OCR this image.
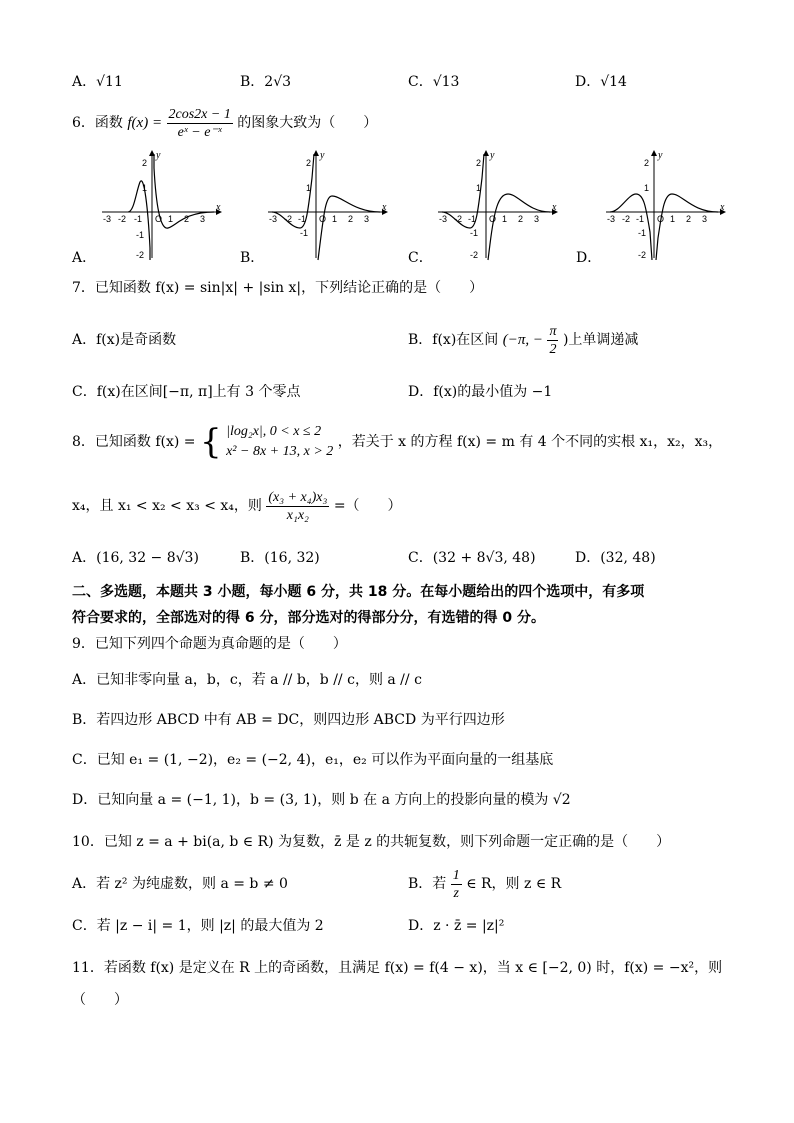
A．√11	B．2√3	C．√13	D．√14
6．函数 $f(x) = \frac{2\cos 2x - 1}{\text{eˣ − e⁻ˣ}}$ 的图象大致为（　　）
y
x
2
1
-1
-2
-3 -2 -1 O 1 2 3
A．
y
x
2
1
-1
-3 -2 -1 O 1 2 3
B．
y
x
2
1
-1
-2
-3 -2 -1 O 1 2 3
C．
y
x
2
1
-1
-2
-3 -2 -1 O 1 2 3
D．
7．已知函数 f(x) = sin|x| + |sin x|，下列结论正确的是（　　）
A．f(x)是奇函数	B．f(x)在区间 (−π, − $\frac{\pi}{2}$ )上单调递减
C．f(x)在区间[−π, π]上有 3 个零点	D．f(x)的最小值为 −1
8．已知函数 f(x) = { |log₂x|, 0 < x ≤ 2
x² − 8x + 13, x > 2
，若关于 x 的方程 f(x) = m 有 4 个不同的实根 x₁，x₂，x₃，
x₄，且 x₁ < x₂ < x₃ < x₄，则 $\frac{\text{(x₃ + x₄)x₃}}{\text{x₁x₂}}$ =（　　）
A．(16, 32 − 8√3)	B．(16, 32)	C．(32 + 8√3, 48)	D．(32, 48)
二、多选题，本题共 3 小题，每小题 6 分，共 18 分。在每小题给出的四个选项中，有多项
符合要求的，全部选对的得 6 分，部分选对的得部分分，有选错的得 0 分。
9．已知下列四个命题为真命题的是（　　）
A．已知非零向量 a，b，c，若 a // b，b // c，则 a // c
B．若四边形 ABCD 中有 AB = DC，则四边形 ABCD 为平行四边形
C．已知 e₁ = (1, −2)，e₂ = (−2, 4)，e₁，e₂ 可以作为平面向量的一组基底
D．已知向量 a = (−1, 1)，b = (3, 1)，则 b 在 a 方向上的投影向量的模为 √2
10．已知 z = a + bi(a, b ∈ R) 为复数，z̄ 是 z 的共轭复数，则下列命题一定正确的是（　　）
A．若 z² 为纯虚数，则 a = b ≠ 0	B．若 $\frac{1}{z}$ ∈ R，则 z ∈ R
C．若 |z − i| = 1，则 |z| 的最大值为 2	D．z · z̄ = |z|²
11．若函数 f(x) 是定义在 R 上的奇函数，且满足 f(x) = f(4 − x)，当 x ∈ [−2, 0) 时，f(x) = −x²，则
（　　）
